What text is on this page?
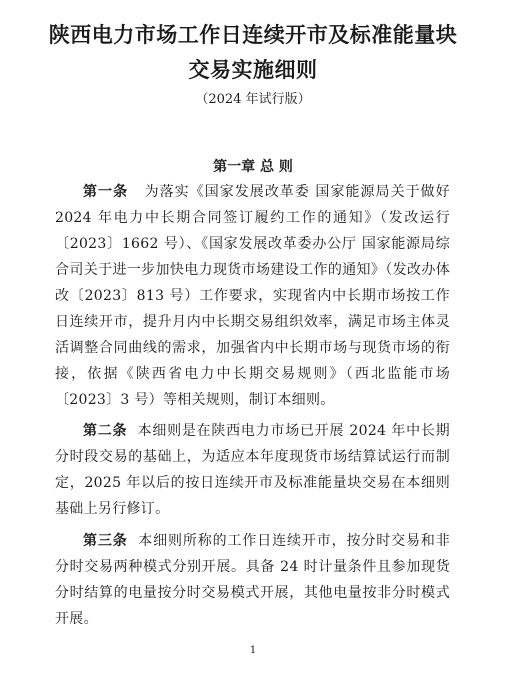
陕西电力市场工作日连续开市及标准能量块
交易实施细则
（2024 年试行版）
第一章 总 则

第一条 为落实《国家发展改革委 国家能源局关于做好 2024 年电力中长期合同签订履约工作的通知》（发改运行〔2023〕1662 号）、《国家发展改革委办公厅 国家能源局综合司关于进一步加快电力现货市场建设工作的通知》（发改办体改〔2023〕813 号）工作要求，实现省内中长期市场按工作日连续开市，提升月内中长期交易组织效率，满足市场主体灵活调整合同曲线的需求，加强省内中长期市场与现货市场的衔接，依据《陕西省电力中长期交易规则》（西北监能市场〔2023〕3 号）等相关规则，制订本细则。

第二条 本细则是在陕西电力市场已开展 2024 年中长期分时段交易的基础上，为适应本年度现货市场结算试运行而制定，2025 年以后的按日连续开市及标准能量块交易在本细则基础上另行修订。

第三条 本细则所称的工作日连续开市，按分时交易和非分时交易两种模式分别开展。具备 24 时计量条件且参加现货分时结算的电量按分时交易模式开展，其他电量按非分时模式开展。

1
